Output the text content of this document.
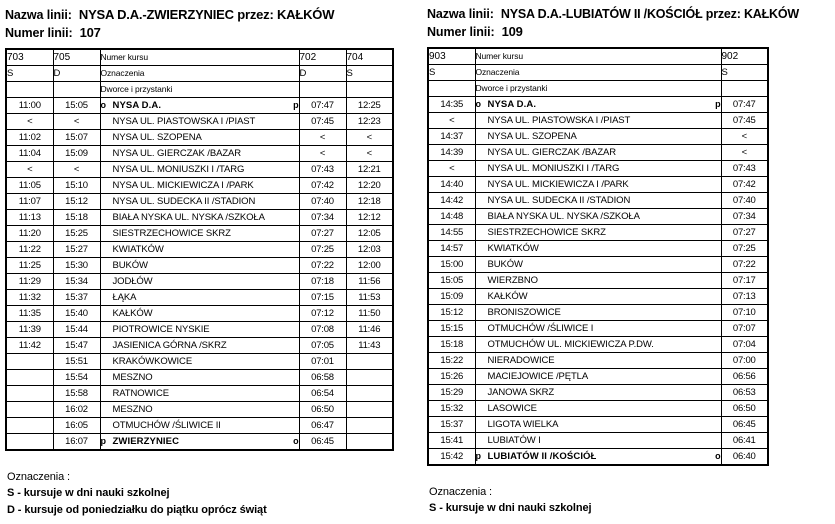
Nazwa linii: NYSA D.A.-ZWIERZYNIEC przez: KAŁKÓW
Numer linii: 107
703	705	Numer kursu	702	704
S	D	Oznaczenia	D	S
		Dworce i przystanki		
11:00	15:05	o NYSA D.A. p	07:47	12:25
<	<	NYSA UL. PIASTOWSKA I /PIAST	07:45	12:23
11:02	15:07	NYSA UL. SZOPENA	<	<
11:04	15:09	NYSA UL. GIERCZAK /BAZAR	<	<
<	<	NYSA UL. MONIUSZKI I /TARG	07:43	12:21
11:05	15:10	NYSA UL. MICKIEWICZA I /PARK	07:42	12:20
11:07	15:12	NYSA UL. SUDECKA II /STADION	07:40	12:18
11:13	15:18	BIAŁA NYSKA UL. NYSKA /SZKOŁA	07:34	12:12
11:20	15:25	SIESTRZECHOWICE SKRZ	07:27	12:05
11:22	15:27	KWIATKÓW	07:25	12:03
11:25	15:30	BUKÓW	07:22	12:00
11:29	15:34	JODŁÓW	07:18	11:56
11:32	15:37	ŁĄKA	07:15	11:53
11:35	15:40	KAŁKÓW	07:12	11:50
11:39	15:44	PIOTROWICE NYSKIE	07:08	11:46
11:42	15:47	JASIENICA GÓRNA /SKRZ	07:05	11:43
	15:51	KRAKÓWKOWICE	07:01	
	15:54	MESZNO	06:58	
	15:58	RATNOWICE	06:54	
	16:02	MESZNO	06:50	
	16:05	OTMUCHÓW /ŚLIWICE II	06:47	
	16:07	p ZWIERZYNIEC o	06:45	
Oznaczenia :
S - kursuje w dni nauki szkolnej
D - kursuje od poniedziałku do piątku oprócz świąt
Nazwa linii: NYSA D.A.-LUBIATÓW II /KOŚCIÓŁ przez: KAŁKÓW
Numer linii: 109
903	Numer kursu	902
S	Oznaczenia	S
	Dworce i przystanki	
14:35	o NYSA D.A. p	07:47
<	NYSA UL. PIASTOWSKA I /PIAST	07:45
14:37	NYSA UL. SZOPENA	<
14:39	NYSA UL. GIERCZAK /BAZAR	<
<	NYSA UL. MONIUSZKI I /TARG	07:43
14:40	NYSA UL. MICKIEWICZA I /PARK	07:42
14:42	NYSA UL. SUDECKA II /STADION	07:40
14:48	BIAŁA NYSKA UL. NYSKA /SZKOŁA	07:34
14:55	SIESTRZECHOWICE SKRZ	07:27
14:57	KWIATKÓW	07:25
15:00	BUKÓW	07:22
15:05	WIERZBNO	07:17
15:09	KAŁKÓW	07:13
15:12	BRONISZOWICE	07:10
15:15	OTMUCHÓW /ŚLIWICE I	07:07
15:18	OTMUCHÓW UL. MICKIEWICZA P.DW.	07:04
15:22	NIERADOWICE	07:00
15:26	MACIEJOWICE /PĘTLA	06:56
15:29	JANOWA SKRZ	06:53
15:32	LASOWICE	06:50
15:37	LIGOTA WIELKA	06:45
15:41	LUBIATÓW I	06:41
15:42	p LUBIATÓW II /KOŚCIÓŁ o	06:40
Oznaczenia :
S - kursuje w dni nauki szkolnej
